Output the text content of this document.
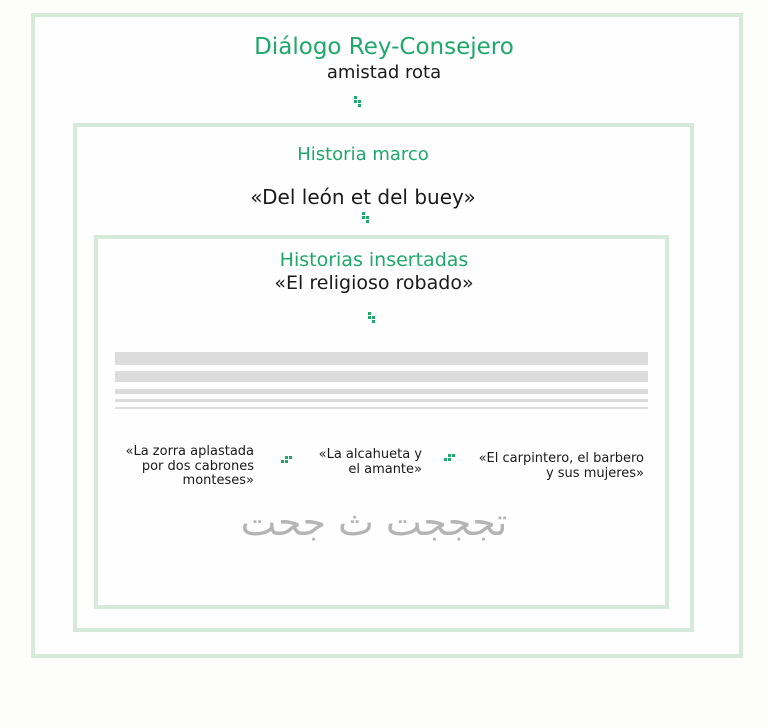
Diálogo Rey-Consejero
amistad rota
Historia marco
«Del león et del buey»
Historias insertadas
«El religioso robado»
«La zorra aplastada
por dos cabrones
monteses»
«La alcahueta y
el amante»
«El carpintero, el barbero
y sus mujeres»
تجججت ث جحت
